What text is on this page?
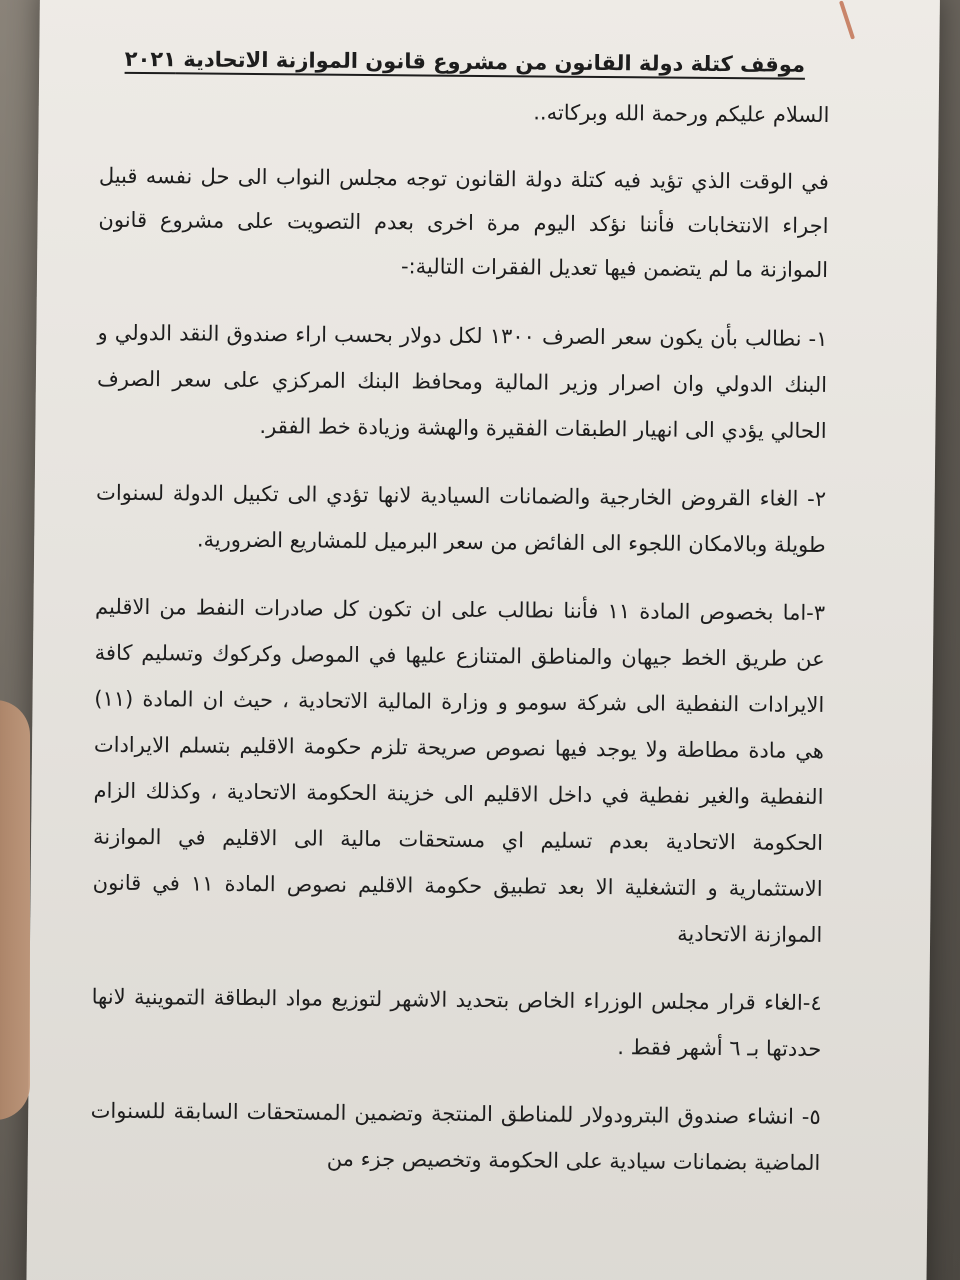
موقف كتلة دولة القانون من مشروع قانون الموازنة الاتحادية ٢٠٢١
السلام عليكم ورحمة الله وبركاته..
في الوقت الذي تؤيد فيه كتلة دولة القانون توجه مجلس النواب الى حل نفسه قبيل اجراء الانتخابات فأننا نؤكد اليوم مرة اخرى بعدم التصويت على مشروع قانون الموازنة ما لم يتضمن فيها تعديل الفقرات التالية:-
١- نطالب بأن يكون سعر الصرف ١٣٠٠ لكل دولار بحسب اراء صندوق النقد الدولي و البنك الدولي وان اصرار وزير المالية ومحافظ البنك المركزي على سعر الصرف الحالي يؤدي الى انهيار الطبقات الفقيرة والهشة وزيادة خط الفقر.
٢- الغاء القروض الخارجية والضمانات السيادية لانها تؤدي الى تكبيل الدولة لسنوات طويلة وبالامكان اللجوء الى الفائض من سعر البرميل للمشاريع الضرورية.
٣-اما بخصوص المادة ١١ فأننا نطالب على ان تكون كل صادرات النفط من الاقليم عن طريق الخط جيهان والمناطق المتنازع عليها في الموصل وكركوك وتسليم كافة الايرادات النفطية الى شركة سومو و وزارة المالية الاتحادية ، حيث ان المادة (١١) هي مادة مطاطة ولا يوجد فيها نصوص صريحة تلزم حكومة الاقليم بتسلم الايرادات النفطية والغير نفطية في داخل الاقليم الى خزينة الحكومة الاتحادية ، وكذلك الزام الحكومة الاتحادية بعدم تسليم اي مستحقات مالية الى الاقليم في الموازنة الاستثمارية و التشغلية الا بعد تطبيق حكومة الاقليم نصوص المادة ١١ في قانون الموازنة الاتحادية
٤-الغاء قرار مجلس الوزراء الخاص بتحديد الاشهر لتوزيع مواد البطاقة التموينية لانها حددتها بـ ٦ أشهر فقط .
٥- انشاء صندوق البترودولار للمناطق المنتجة وتضمين المستحقات السابقة للسنوات الماضية بضمانات سيادية على الحكومة وتخصيص جزء من
